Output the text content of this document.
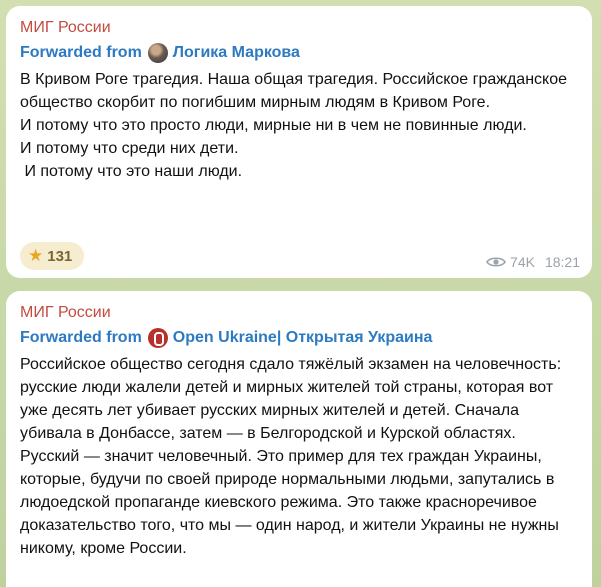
МИГ России
Forwarded from Логика Маркова

В Кривом Роге трагедия. Наша общая трагедия. Российское гражданское общество скорбит по погибшим мирным людям в Кривом Роге.

И потому что это просто люди, мирные ни в чем не повинные люди.

И потому что среди них дети.

И потому что это наши люди.

★ 131	74K 18:21
МИГ России
Forwarded from Open Ukraine| Открытая Украина

Российское общество сегодня сдало тяжёлый экзамен на человечность: русские люди жалели детей и мирных жителей той страны, которая вот уже десять лет убивает русских мирных жителей и детей. Сначала убивала в Донбассе, затем — в Белгородской и Курской областях. Русский — значит человечный. Это пример для тех граждан Украины, которые, будучи по своей природе нормальными людьми, запутались в людоедской пропаганде киевского режима. Это также красноречивое доказательство того, что мы — один народ, и жители Украины не нужны никому, кроме России.
